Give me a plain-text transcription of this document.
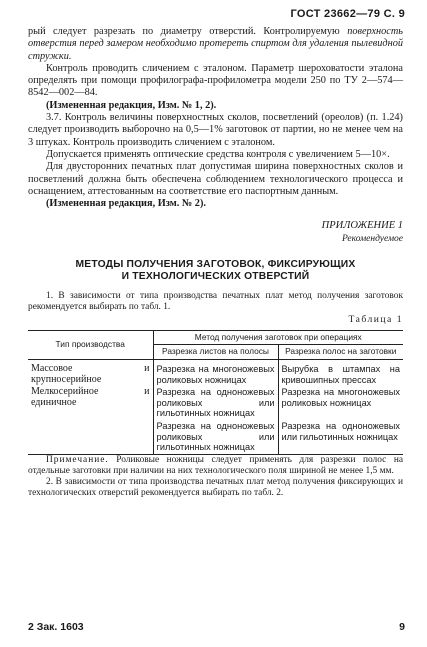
ГОСТ 23662—79 С. 9

рый следует разрезать по диаметру отверстий. Контролируемую поверхность отверстия перед замером необходимо протереть спиртом для удаления пылевидной стружки.

Контроль проводить сличением с эталоном. Параметр шероховатости эталона определять при помощи профилографа-профилометра модели 250 по ТУ 2—574—8542—002—84.

(Измененная редакция, Изм. № 1, 2).

3.7. Контроль величины поверхностных сколов, посветлений (ореолов) (п. 1.24) следует производить выборочно на 0,5—1% заготовок от партии, но не менее чем на 3 штуках. Контроль производить сличением с эталоном.

Допускается применять оптические средства контроля с увеличением 5—10×.

Для двусторонних печатных плат допустимая ширина поверхностных сколов и посветлений должна быть обеспечена соблюдением технологического процесса и оснащением, аттестованным на соответствие его паспортным данным.

(Измененная редакция, Изм. № 2).

ПРИЛОЖЕНИЕ 1
Рекомендуемое
МЕТОДЫ ПОЛУЧЕНИЯ ЗАГОТОВОК, ФИКСИРУЮЩИХ
И ТЕХНОЛОГИЧЕСКИХ ОТВЕРСТИЙ

1. В зависимости от типа производства печатных плат метод получения заготовок рекомендуется выбирать по табл. 1.

Таблица 1
Тип производства	Метод получения заготовок при операциях	
	Разрезка листов на полосы	Разрезка полос на заготовки
Массовое и крупносерийное	Разрезка на многоножевых роликовых ножницах	Вырубка в штампах на кривошипных прессах
Мелкосерийное и единичное	Разрезка на одноножевых роликовых или гильотинных ножницах	Разрезка на многоножевых роликовых ножницах
	Разрезка на одноножевых роликовых или гильотинных ножницах	Разрезка на одноножевых или гильотинных ножницах

Примечание. Роликовые ножницы следует применять для разрезки полос на отдельные заготовки при наличии на них технологического поля шириной не менее 1,5 мм.

2. В зависимости от типа производства печатных плат метод получения фиксирующих и технологических отверстий рекомендуется выбирать по табл. 2.

2 Зак. 1603	9
